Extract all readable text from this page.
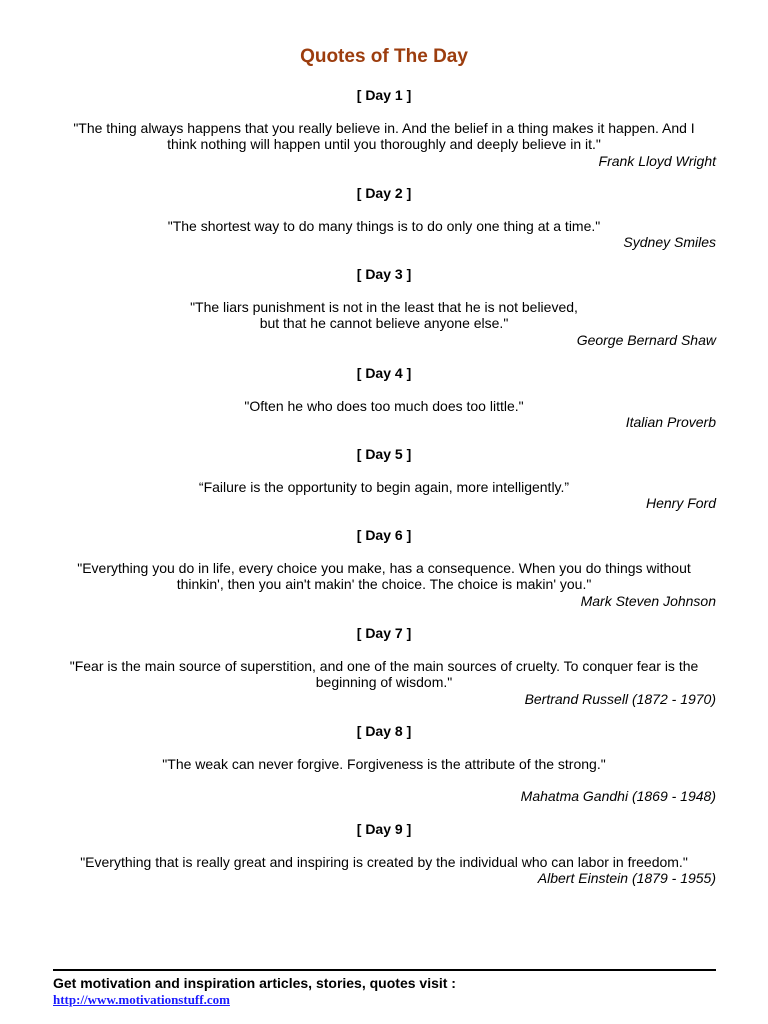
Quotes of The Day
[ Day 1 ]
"The thing always happens that you really believe in. And the belief in a thing makes it happen. And I
think nothing will happen until you thoroughly and deeply believe in it."
Frank Lloyd Wright
[ Day 2 ]
"The shortest way to do many things is to do only one thing at a time."
Sydney Smiles
[ Day 3 ]
"The liars punishment is not in the least that he is not believed,
but that he cannot believe anyone else."
George Bernard Shaw
[ Day 4 ]
"Often he who does too much does too little."
Italian Proverb
[ Day 5 ]
“Failure is the opportunity to begin again, more intelligently.”
Henry Ford
[ Day 6 ]
"Everything you do in life, every choice you make, has a consequence. When you do things without
thinkin', then you ain't makin' the choice. The choice is makin' you."
Mark Steven Johnson
[ Day 7 ]
"Fear is the main source of superstition, and one of the main sources of cruelty. To conquer fear is the
beginning of wisdom."
Bertrand Russell (1872 - 1970)
[ Day 8 ]
"The weak can never forgive. Forgiveness is the attribute of the strong."
Mahatma Gandhi (1869 - 1948)
[ Day 9 ]
"Everything that is really great and inspiring is created by the individual who can labor in freedom."
Albert Einstein (1879 - 1955)
Get motivation and inspiration articles, stories, quotes visit :
http://www.motivationstuff.com
